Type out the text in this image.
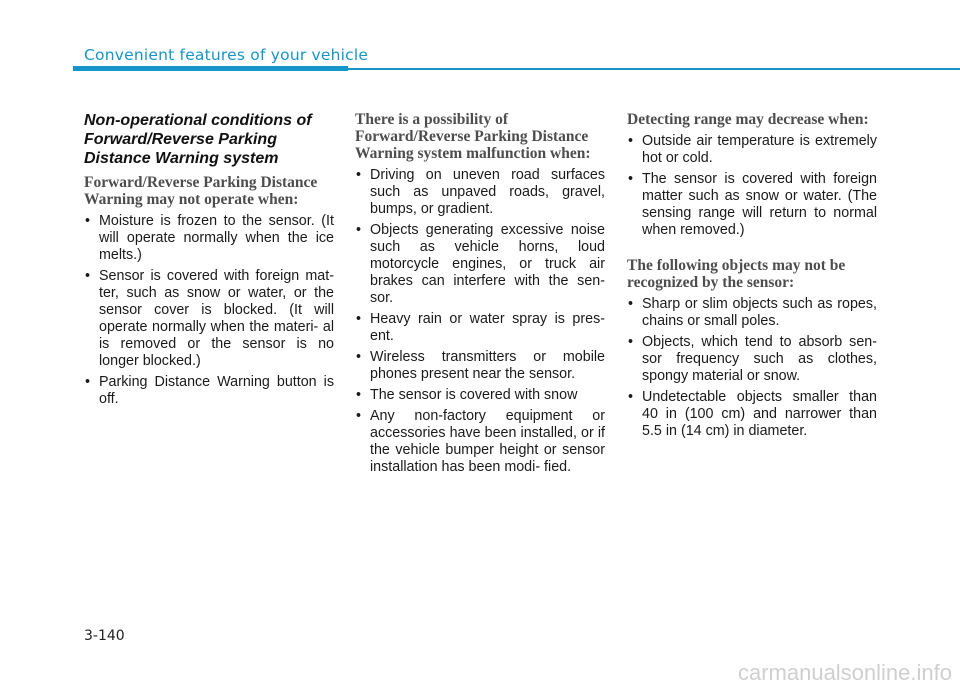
Convenient features of your vehicle
Non-operational conditions of Forward/Reverse Parking Distance Warning system
Forward/Reverse Parking Distance Warning may not operate when:
• Moisture is frozen to the sensor. (It will operate normally when the ice melts.)
• Sensor is covered with foreign mat- ter, such as snow or water, or the sensor cover is blocked. (It will operate normally when the materi- al is removed or the sensor is no longer blocked.)
• Parking Distance Warning button is off.
There is a possibility of Forward/Reverse Parking Distance Warning system malfunction when:
• Driving on uneven road surfaces such as unpaved roads, gravel, bumps, or gradient.
• Objects generating excessive noise such as vehicle horns, loud motorcycle engines, or truck air brakes can interfere with the sen- sor.
• Heavy rain or water spray is pres- ent.
• Wireless transmitters or mobile phones present near the sensor.
• The sensor is covered with snow
• Any non-factory equipment or accessories have been installed, or if the vehicle bumper height or sensor installation has been modi- fied.
Detecting range may decrease when:
• Outside air temperature is extremely hot or cold.
• The sensor is covered with foreign matter such as snow or water. (The sensing range will return to normal when removed.)
The following objects may not be recognized by the sensor:
• Sharp or slim objects such as ropes, chains or small poles.
• Objects, which tend to absorb sen- sor frequency such as clothes, spongy material or snow.
• Undetectable objects smaller than 40 in (100 cm) and narrower than 5.5 in (14 cm) in diameter.
3-140
carmanualsonline.info
